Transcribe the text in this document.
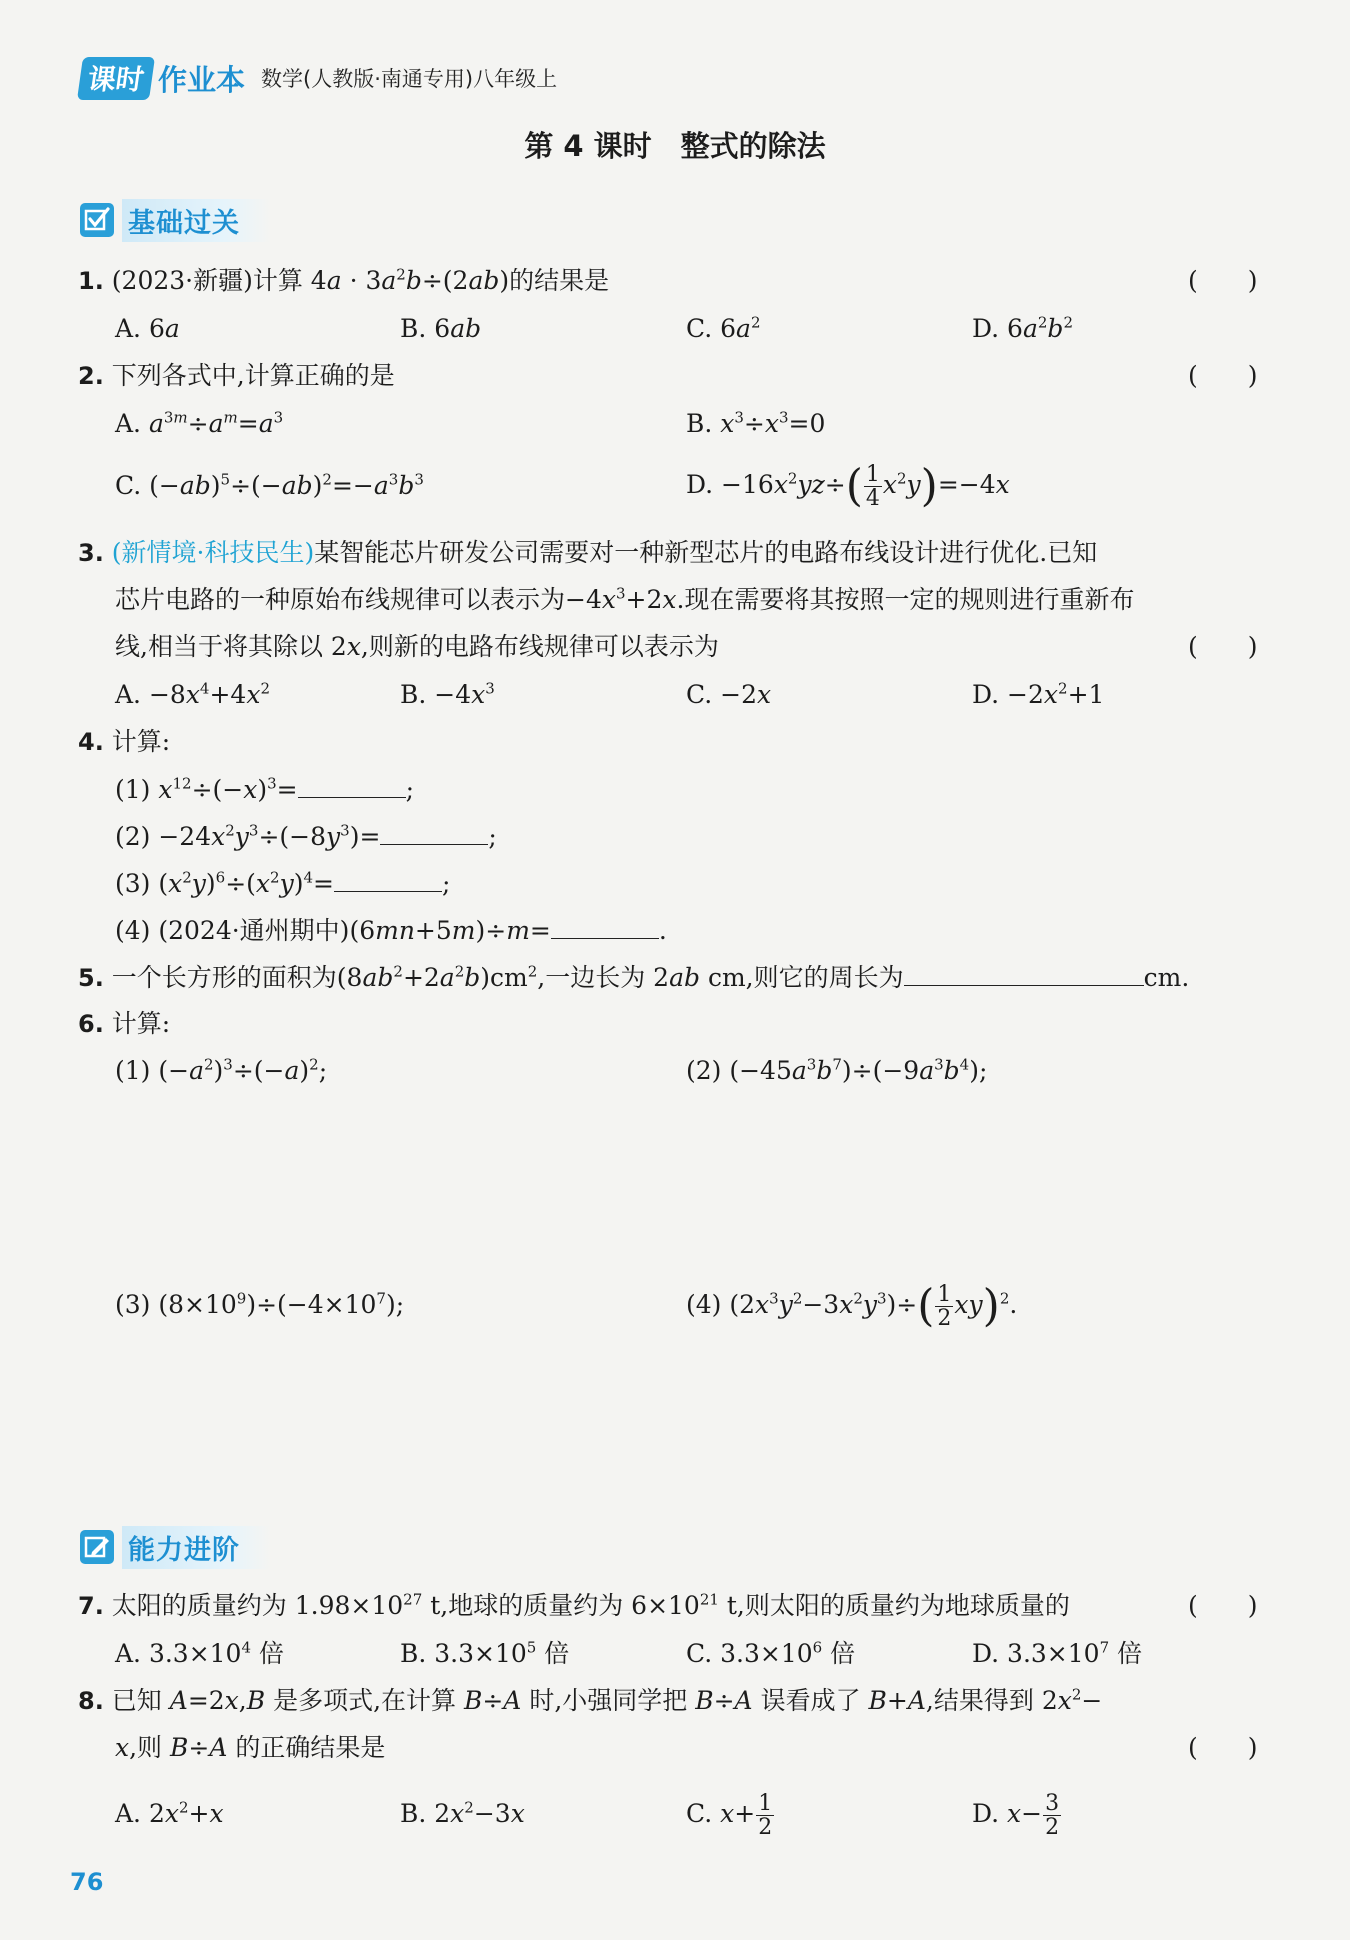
课时 作业本 数学(人教版·南通专用)八年级上
第 4 课时　整式的除法
基础过关
1. (2023·新疆)计算 $4a \cdot 3a^2b\div(2ab)$的结果是	(　　)
A. 6a	B. 6ab	C. $6a^2$	D. $6a^2b^2$
2. 下列各式中,计算正确的是	(　　)
A. $a^{3m}\div a^m=a^3$	B. $x^3\div x^3=0$
C. $(-ab)^5\div(-ab)^2=-a^3b^3$	D. $-16x^2yz\div( \frac{1}{4} x^2y)=-4x$
3. (新情境·科技民生)某智能芯片研发公司需要对一种新型芯片的电路布线设计进行优化.已知
芯片电路的一种原始布线规律可以表示为$-4x^3+2x$.现在需要将其按照一定的规则进行重新布
线,相当于将其除以 2x,则新的电路布线规律可以表示为	(　　)
A. $-8x^4+4x^2$	B. $-4x^3$	C. −2x	D. $-2x^2+1$
4. 计算:
(1) $x^{12}\div(-x)^3=$	;
$(2) -24x^2y^3\div(-8y^3)=$	;
(3) $(x^2y)^6\div(x^2y)^4=$	;
(4) (2024·通州期中)(6mn+5m)÷m=	.
5. 一个长方形的面积为$(8ab^2+2a^2b)cm^2$,一边长为 2ab cm,则它的周长为	cm.
6. 计算:
(1) $(-a^2)^3\div(-a)^2$;	(2) $(-45a^3b^7)\div(-9a^3b^4)$;
(3) $(8\times 10^9)\div(-4\times 10^7)$;	(4) $(2x^3y^2-3x^2y^3)\div( \frac{1}{2} xy)^2$.
能力进阶
7. 太阳的质量约为 $1.98\times 10^{27}$ t,地球的质量约为 $6\times 10^{21}$ t,则太阳的质量约为地球质量的	(　　)
A. $3.3\times 10^4$ 倍	B. $3.3\times 10^5$ 倍	C. $3.3\times 10^6$ 倍	D. $3.3\times 10^7$ 倍
8. 已知 A=2x,B 是多项式,在计算 B÷A 时,小强同学把 B÷A 误看成了 B+A,结果得到 $2x^2-$
x,则 B÷A 的正确结果是	(　　)
A. $2x^2+x$	B. $2x^2-3x$	C. $x+ \frac{1}{2}$	D. $x- \frac{3}{2}$
76
